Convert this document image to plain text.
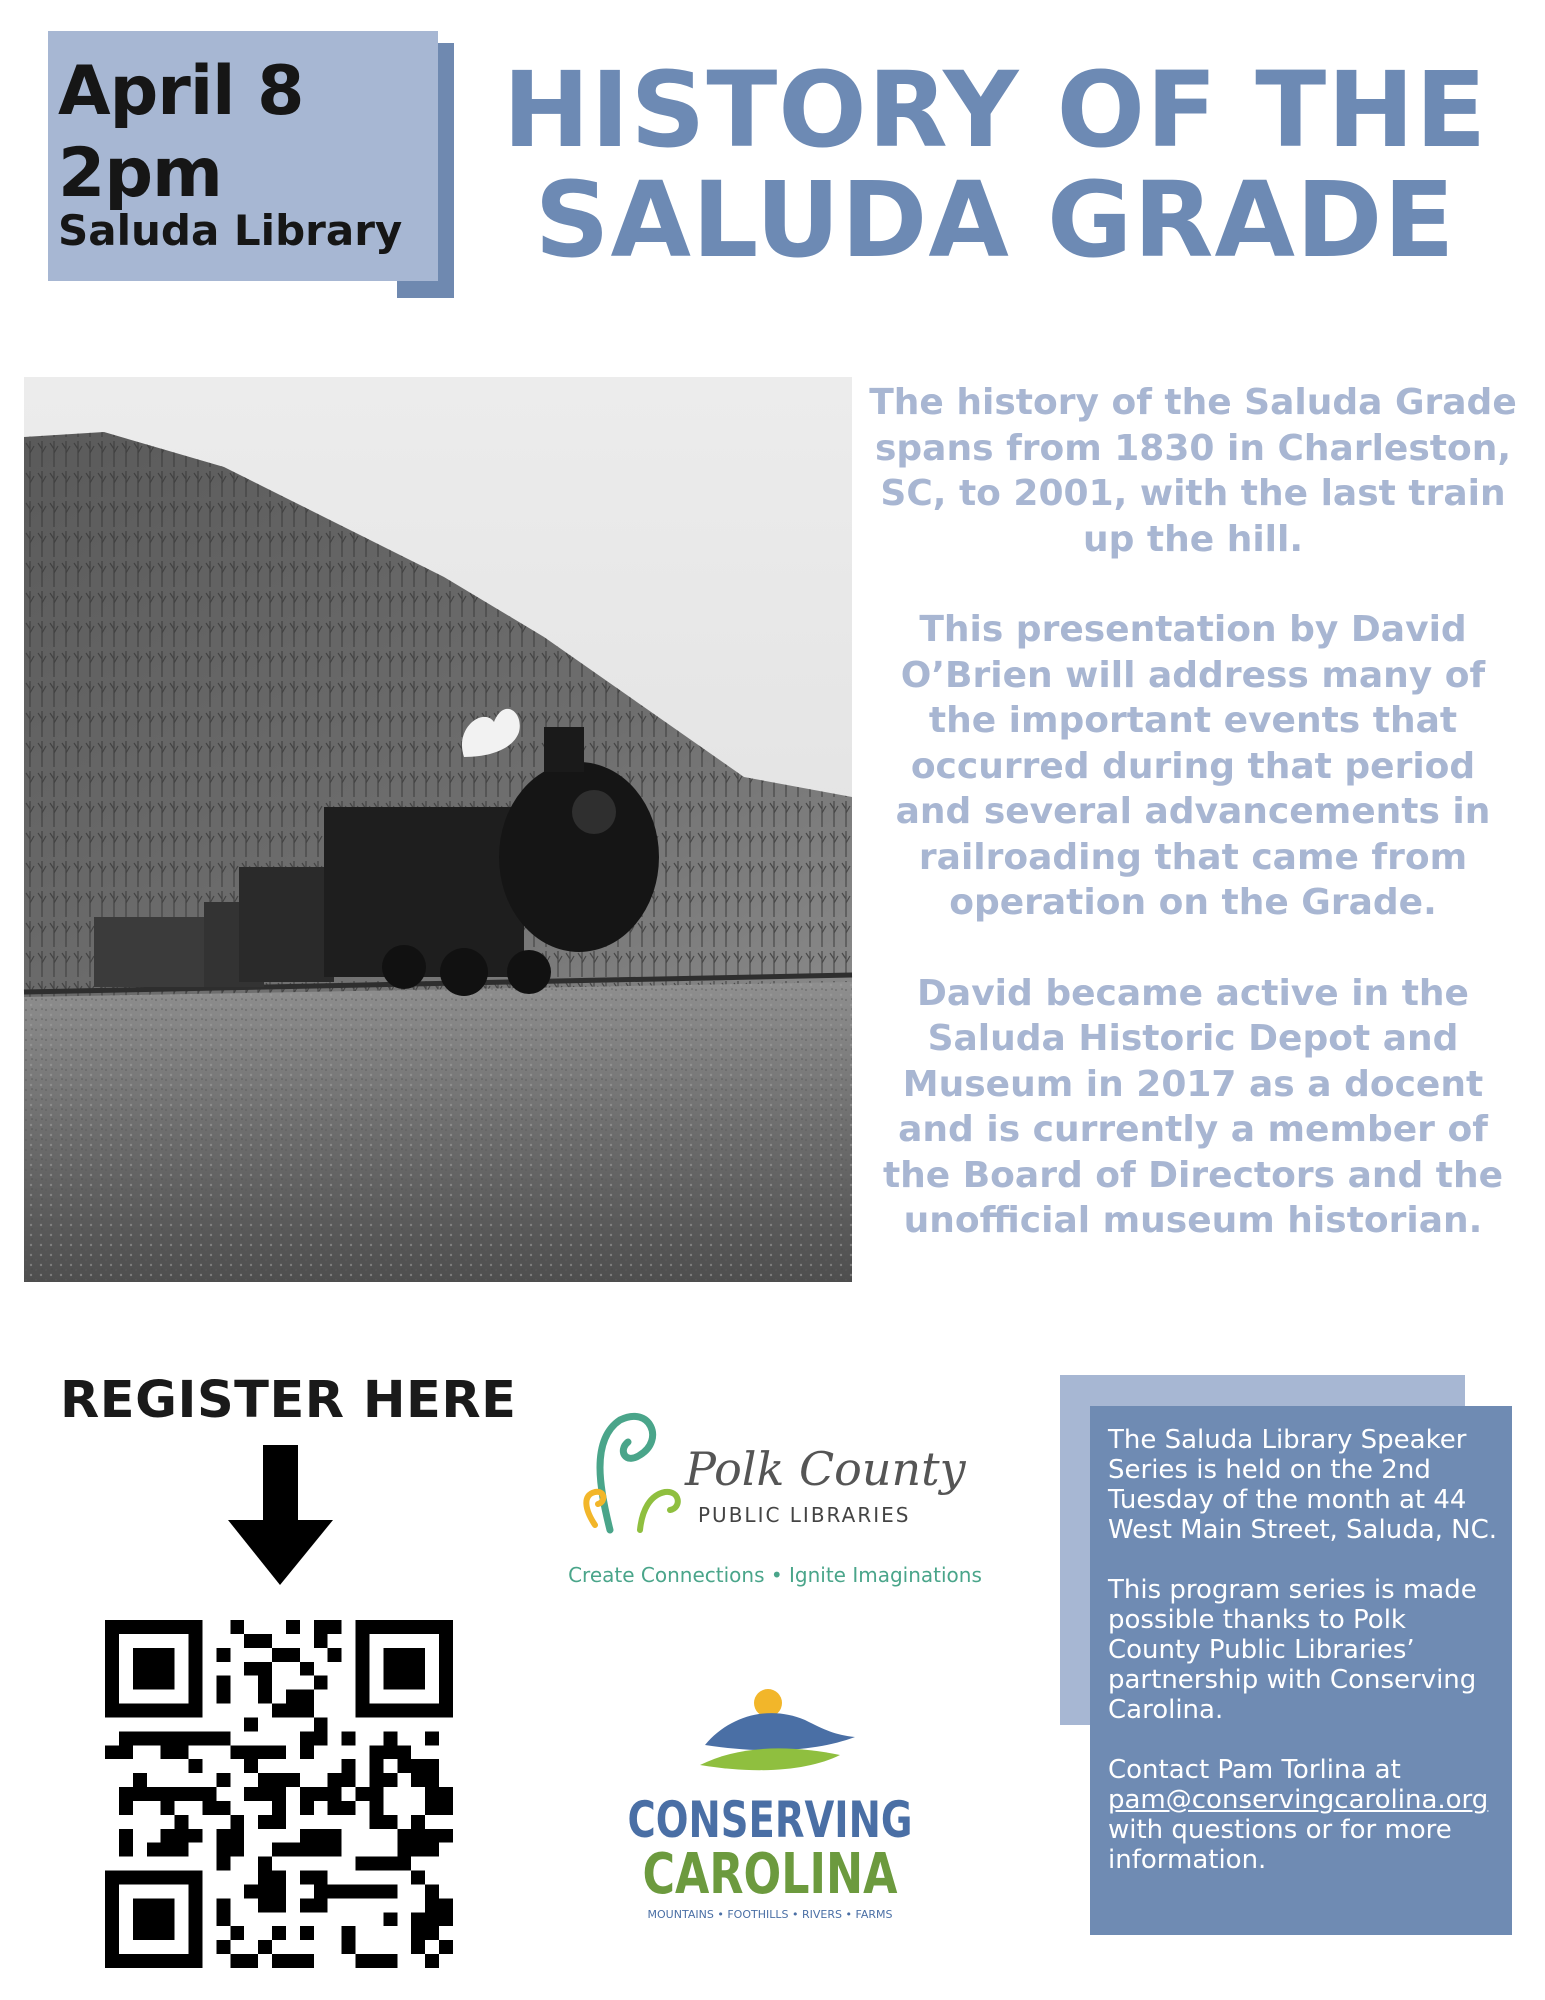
April 8
2pm
Saluda Library
HISTORY OF THE
SALUDA GRADE

The history of the Saluda Grade spans from 1830 in Charleston, SC, to 2001, with the last train up the hill.

This presentation by David O’Brien will address many of the important events that occurred during that period and several advancements in railroading that came from operation on the Grade.

David became active in the Saluda Historic Depot and Museum in 2017 as a docent and is currently a member of the Board of Directors and the unofficial museum historian.

REGISTER HERE
Polk County
PUBLIC LIBRARIES
Create Connections • Ignite Imaginations
CONSERVING
CAROLINA
MOUNTAINS • FOOTHILLS • RIVERS • FARMS

The Saluda Library Speaker Series is held on the 2nd Tuesday of the month at 44 West Main Street, Saluda, NC.

This program series is made possible thanks to Polk County Public Libraries’ partnership with Conserving Carolina.

Contact Pam Torlina at
pam@conservingcarolina.org with questions or for more information.
